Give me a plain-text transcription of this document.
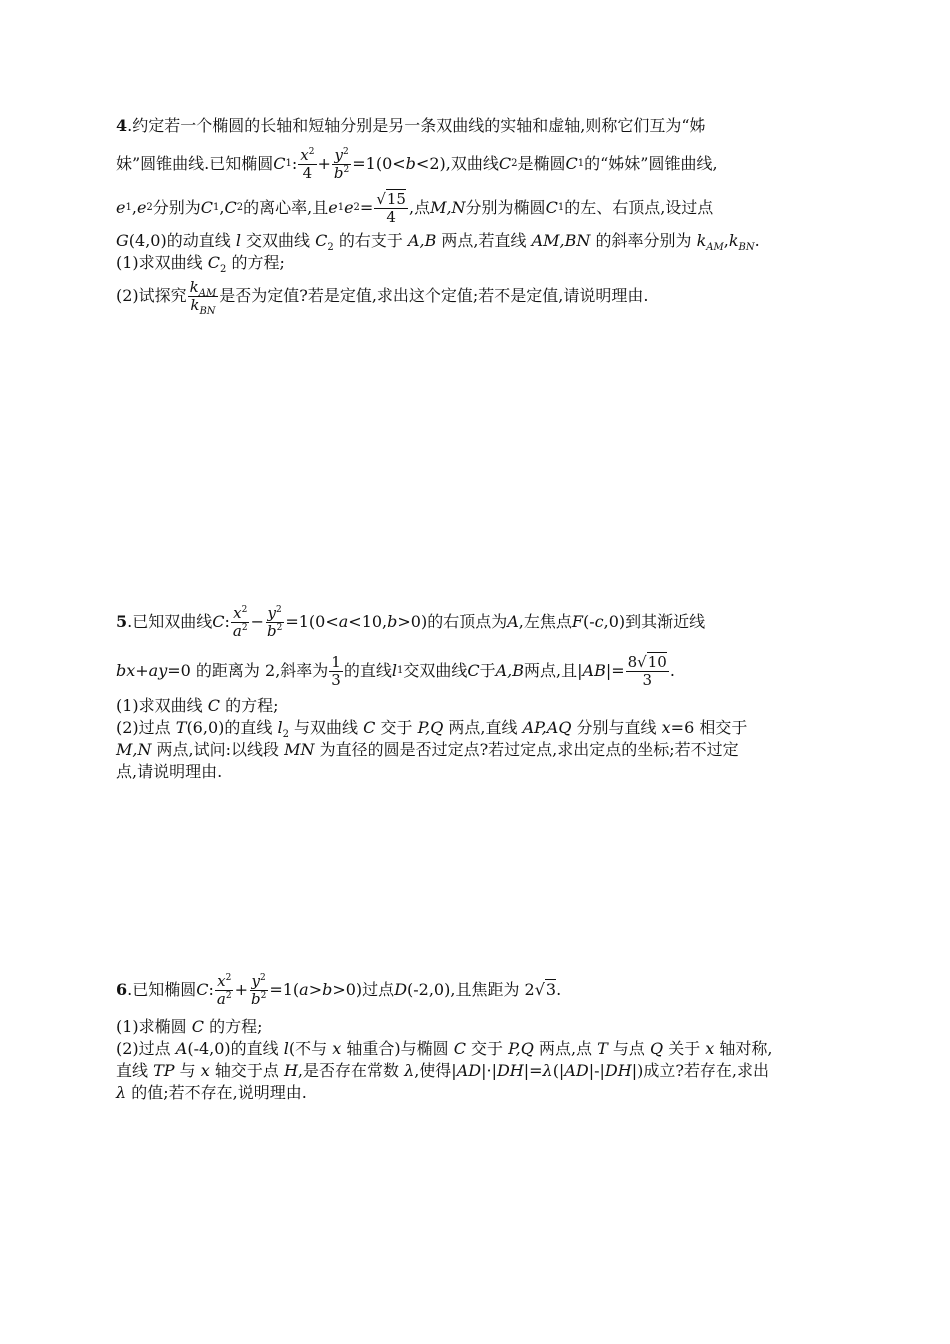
4.约定若一个椭圆的长轴和短轴分别是另一条双曲线的实轴和虚轴,则称它们互为“姊
妹”圆锥曲线.已知椭圆 C 1 : $\frac{x^2}{4} + \frac{y^2}{b^2} =1(0< b <2)$,双曲线 C 2 是椭圆 C 1 的“姊妹”圆锥曲线,
e 1 , e 2 分别为 C 1 , C 2 的离心率,且 e 1 e $2 = \frac{√15}{4}$ ,点 M,N 分别为椭圆 C 1 的左、右顶点,设过点
G(4,0)的动直线 l 交双曲线 $C_2$ 的右支于 A,B 两点,若直线 AM,BN 的斜率分别为 $k_{AM},k_{BN}$.
(1)求双曲线 $C_2$ 的方程;
(2)试探究 $\frac{k_{AM}}{k_{BN}}$ 是否为定值?若是定值,求出这个定值;若不是定值,请说明理由.
5 .已知双曲线 C : $\frac{x^2}{a^2} - \frac{y^2}{b^2} =1(0< a <10$, b >0)的右顶点为 A ,左焦点 F (- c ,0)到其渐近线
bx + ay =0 的距离为 2,斜率为 $\frac{1}{3}$ 的直线 l 1 交双曲线 C 于 A,B 两点,且| AB |= $\frac{8√10}{3}$ .
(1)求双曲线 C 的方程;
(2)过点 T(6,0)的直线 $l_2$ 与双曲线 C 交于 P,Q 两点,直线 AP,AQ 分别与直线 x=6 相交于
M,N 两点,试问:以线段 MN 为直径的圆是否过定点?若过定点,求出定点的坐标;若不过定
点,请说明理由.
6 .已知椭圆 C : $\frac{x^2}{a^2} + \frac{y^2}{b^2} =1$( a > b >0)过点 D (-2,0),且焦距为 2 √3 .
(1)求椭圆 C 的方程;
(2)过点 A(-4,0)的直线 l(不与 x 轴重合)与椭圆 C 交于 P,Q 两点,点 T 与点 Q 关于 x 轴对称,
直线 TP 与 x 轴交于点 H,是否存在常数 λ,使得|AD|·|DH|=λ(|AD|-|DH|)成立?若存在,求出
λ 的值;若不存在,说明理由.
